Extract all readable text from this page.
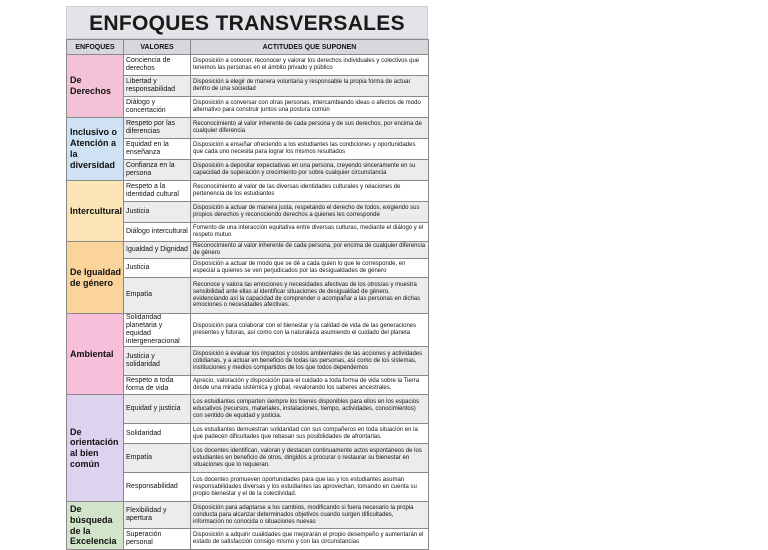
ENFOQUES TRANSVERSALES
ENFOQUES	VALORES	ACTITUDES QUE SUPONEN
De Derechos	Conciencia de derechos	Disposición a conocer, reconocer y valorar los derechos individuales y colectivos que tenemos las personas en el ámbito privado y público
	Libertad y responsabilidad	Disposición a elegir de manera voluntaria y responsable la propia forma de actuar dentro de una sociedad
	Diálogo y concertación	Disposición a conversar con otras personas, intercambiando ideas o afectos de modo alternativo para construir juntos una postura común
Inclusivo o Atención a la diversidad	Respeto por las diferencias	Reconocimiento al valor inherente de cada persona y de sus derechos, por encima de cualquier diferencia
	Equidad en la enseñanza	Disposición a enseñar ofreciendo a los estudiantes las condiciones y oportunidades que cada uno necesita para lograr los mismos resultados
	Confianza en la persona	Disposición a depositar expectativas en una persona, creyendo sinceramente en su capacidad de superación y crecimiento por sobre cualquier circunstancia
Intercultural	Respeto a la identidad cultural	Reconocimiento al valor de las diversas identidades culturales y relaciones de pertenencia de los estudiantes
	Justicia	Disposición a actuar de manera justa, respetando el derecho de todos, exigiendo sus propios derechos y reconociendo derechos a quienes les corresponde
	Diálogo intercultural	Fomento de una interacción equitativa entre diversas culturas, mediante el diálogo y el respeto mutuo
De Igualdad de género	Igualdad y Dignidad	Reconocimiento al valor inherente de cada persona, por encima de cualquier diferencia de género
	Justicia	Disposición a actuar de modo que se dé a cada quien lo que le corresponde, en especial a quienes se ven perjudicados por las desigualdades de género
	Empatía	Reconoce y valora las emociones y necesidades afectivas de los otros/as y muestra sensibilidad ante ellas al identificar situaciones de desigualdad de género, evidenciando así la capacidad de comprender o acompañar a las personas en dichas emociones o necesidades afectivas.
Ambiental	Solidaridad planetaria y equidad intergeneracional	Disposición para colaborar con el bienestar y la calidad de vida de las generaciones presentes y futuras, así como con la naturaleza asumiendo el cuidado del planeta
	Justicia y solidaridad	Disposición a evaluar los impactos y costos ambientales de las acciones y actividades cotidianas, y a actuar en beneficio de todas las personas, así como de los sistemas, instituciones y medios compartidos de los que todos dependemos
	Respeto a toda forma de vida	Aprecio, valoración y disposición para el cuidado a toda forma de vida sobre la Tierra desde una mirada sistémica y global, revalorando los saberes ancestrales.
De orientación al bien común	Equidad y justicia	Los estudiantes comparten siempre los bienes disponibles para ellos en los espacios educativos (recursos, materiales, instalaciones, tiempo, actividades, conocimientos) con sentido de equidad y justicia.
	Solidaridad	Los estudiantes demuestran solidaridad con sus compañeros en toda situación en la que padecen dificultades que rebasan sus posibilidades de afrontarlas.
	Empatía	Los docentes identifican, valoran y destacan continuamente actos espontáneos de los estudiantes en beneficio de otros, dirigidos a procurar o restaurar su bienestar en situaciones que lo requieran.
	Responsabilidad	Los docentes promueven oportunidades para que las y los estudiantes asuman responsabilidades diversas y los estudiantes las aprovechan, tomando en cuenta su propio bienestar y el de la colectividad.
De búsqueda de la Excelencia	Flexibilidad y apertura	Disposición para adaptarse a los cambios, modificando si fuera necesario la propia conducta para alcanzar determinados objetivos cuando surgen dificultades, información no conocida o situaciones nuevas
	Superación personal	Disposición a adquirir cualidades que mejorarán el propio desempeño y aumentarán el estado de satisfacción consigo mismo y con las circunstancias
